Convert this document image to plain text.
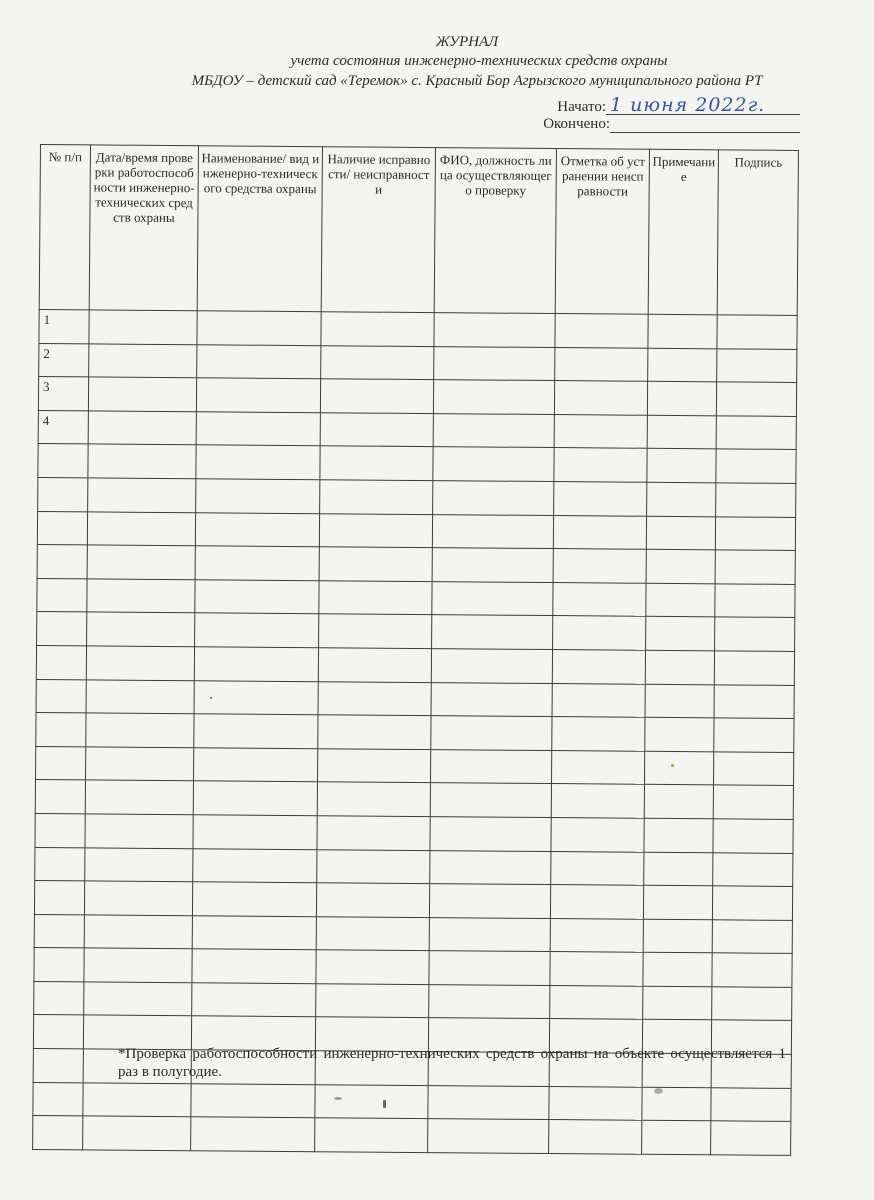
ЖУРНАЛ
учета состояния инженерно-технических средств охраны
МБДОУ – детский сад «Теремок» с. Красный Бор Агрызского муниципального района РТ
Начато: 1 июня 2022г.
Окончено:
№ п/п	Дата/время проверки работоспособности инженерно-технических средств охраны	Наименование/ вид инженерно-технического средства охраны	Наличие исправности/ неисправности	ФИО, должность лица осуществляющего проверку	Отметка об устранении неисправности	Примечание	Подпись
1							
2							
3							
4							

*Проверка работоспособности инженерно-технических средств охраны на объекте осуществляется 1 раз в полугодие.
